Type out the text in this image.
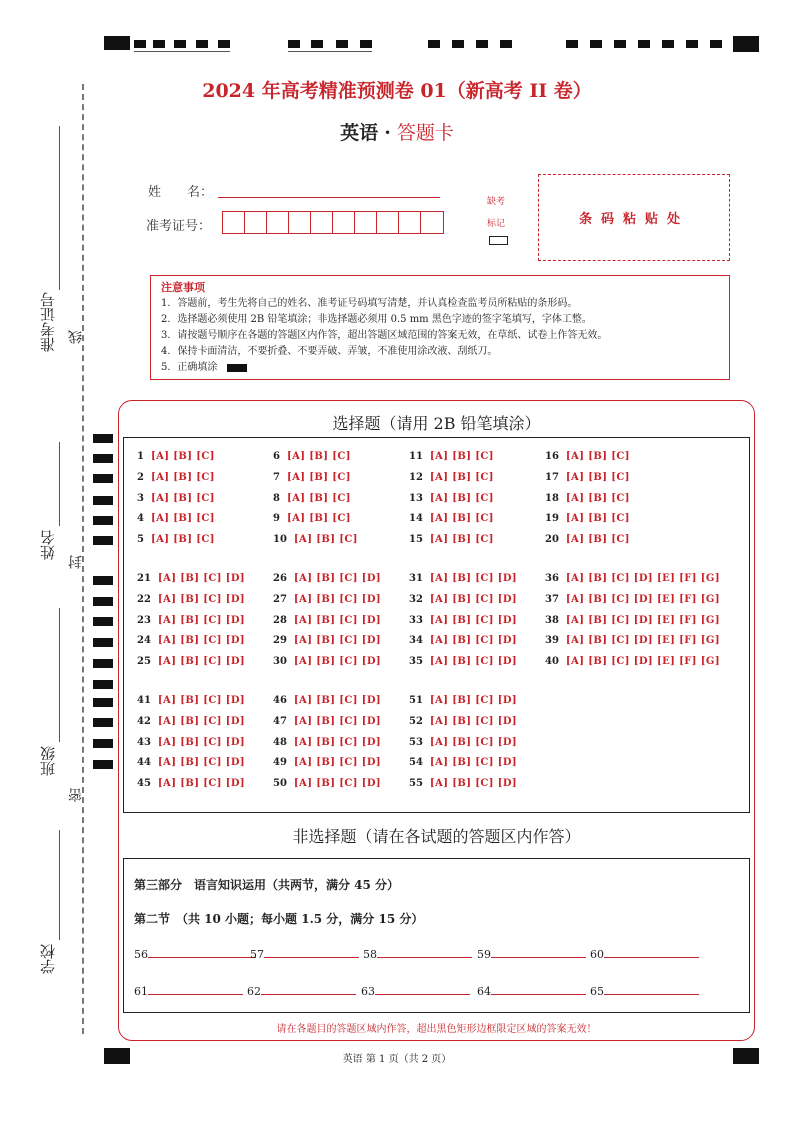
2024 年高考精准预测卷 01（新高考 II 卷）
英语 · 答题卡
姓　　名：
准考证号：
缺考
标记	条码粘贴处
注意事项
1．答题前，考生先将自己的姓名、准考证号码填写清楚，并认真检查监考员所粘贴的条形码。
2．选择题必须使用 2B 铅笔填涂；非选择题必须用 0.5 mm 黑色字迹的签字笔填写，字体工整。
3．请按题号顺序在各题的答题区内作答，超出答题区域范围的答案无效，在草纸、试卷上作答无效。
4．保持卡面清洁，不要折叠、不要弄破、弄皱，不准使用涂改液、刮纸刀。
5．正确填涂
准考证号
姓名
班级
学校
线
封
密
选择题（请用 2B 铅笔填涂）
1 [A] [B] [C]
2 [A] [B] [C]
3 [A] [B] [C]
4 [A] [B] [C]
5 [A] [B] [C]
6 [A] [B] [C]
7 [A] [B] [C]
8 [A] [B] [C]
9 [A] [B] [C]
10 [A] [B] [C]
11 [A] [B] [C]
12 [A] [B] [C]
13 [A] [B] [C]
14 [A] [B] [C]
15 [A] [B] [C]
16 [A] [B] [C]
17 [A] [B] [C]
18 [A] [B] [C]
19 [A] [B] [C]
20 [A] [B] [C]
21 [A] [B] [C] [D]
22 [A] [B] [C] [D]
23 [A] [B] [C] [D]
24 [A] [B] [C] [D]
25 [A] [B] [C] [D]
26 [A] [B] [C] [D]
27 [A] [B] [C] [D]
28 [A] [B] [C] [D]
29 [A] [B] [C] [D]
30 [A] [B] [C] [D]
31 [A] [B] [C] [D]
32 [A] [B] [C] [D]
33 [A] [B] [C] [D]
34 [A] [B] [C] [D]
35 [A] [B] [C] [D]
36 [A] [B] [C] [D] [E] [F] [G]
37 [A] [B] [C] [D] [E] [F] [G]
38 [A] [B] [C] [D] [E] [F] [G]
39 [A] [B] [C] [D] [E] [F] [G]
40 [A] [B] [C] [D] [E] [F] [G]
41 [A] [B] [C] [D]
42 [A] [B] [C] [D]
43 [A] [B] [C] [D]
44 [A] [B] [C] [D]
45 [A] [B] [C] [D]
46 [A] [B] [C] [D]
47 [A] [B] [C] [D]
48 [A] [B] [C] [D]
49 [A] [B] [C] [D]
50 [A] [B] [C] [D]
51 [A] [B] [C] [D]
52 [A] [B] [C] [D]
53 [A] [B] [C] [D]
54 [A] [B] [C] [D]
55 [A] [B] [C] [D]
非选择题（请在各试题的答题区内作答）
第三部分　语言知识运用（共两节，满分 45 分）
第二节　（共 10 小题；每小题 1.5 分，满分 15 分）
56	57	58	59	60
61	62	63	64	65
请在各题目的答题区域内作答，超出黑色矩形边框限定区域的答案无效！
英语 第 1 页（共 2 页）
